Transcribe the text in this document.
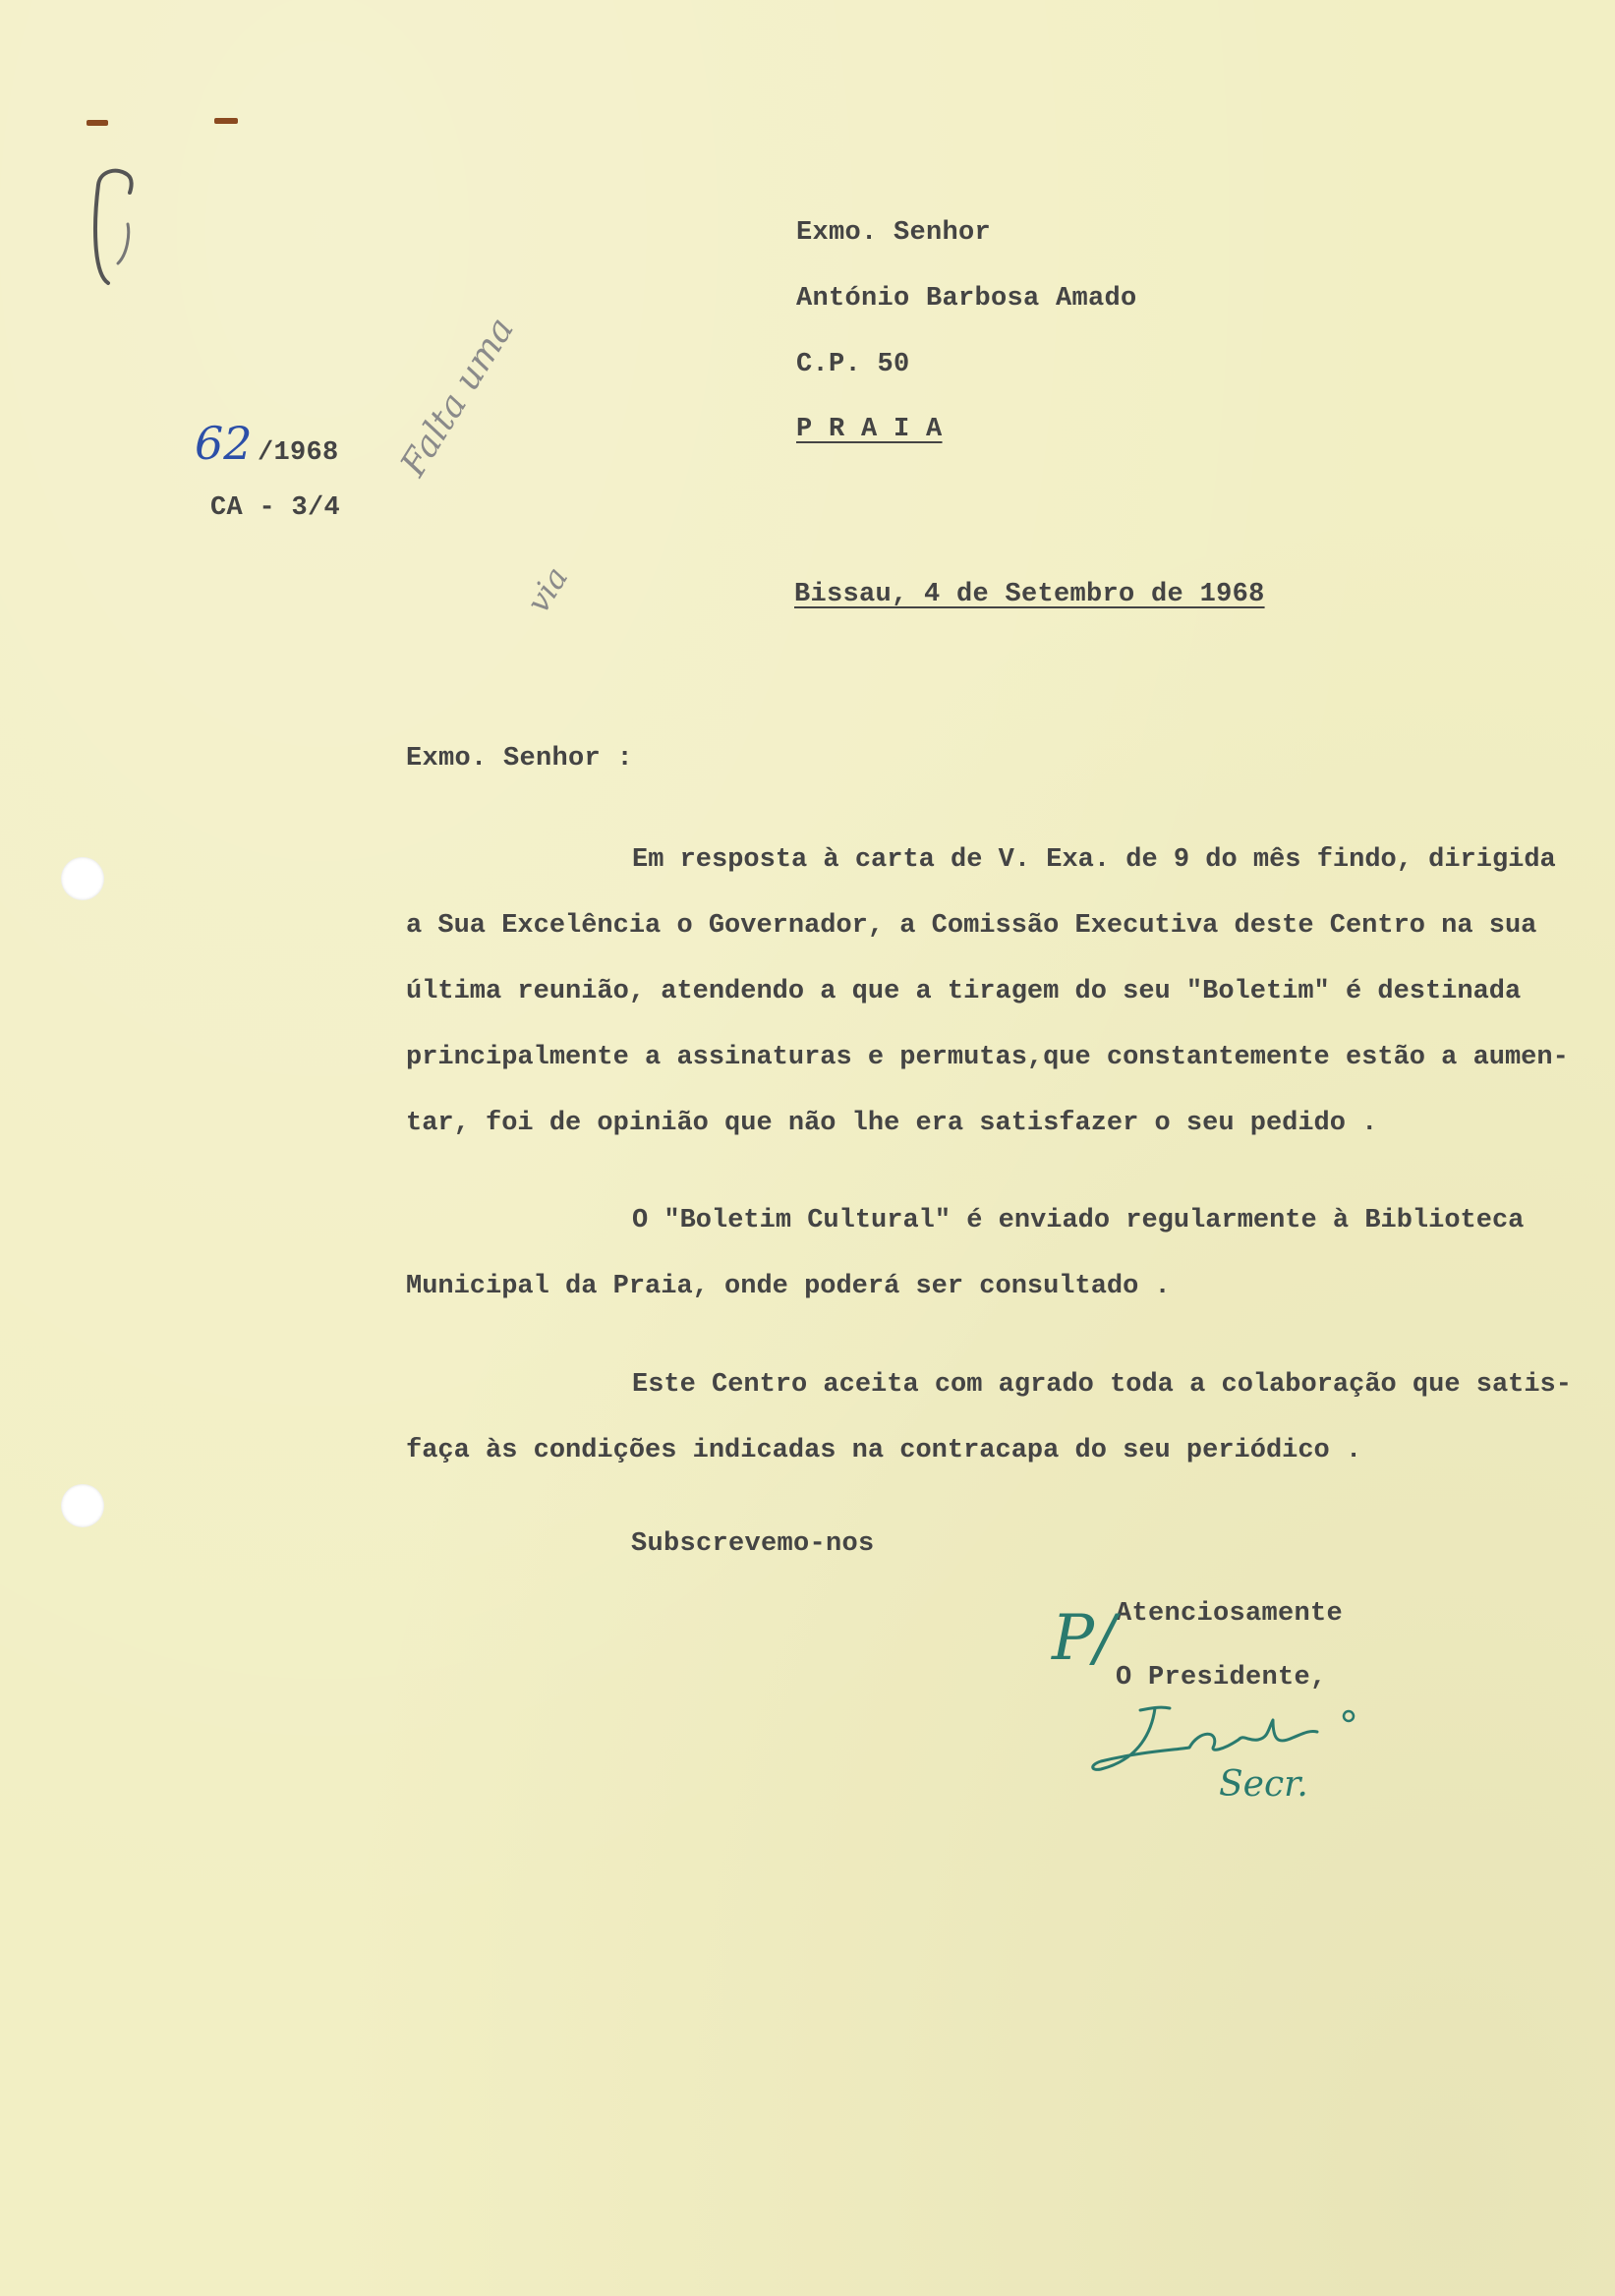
Exmo. Senhor
António Barbosa Amado
C.P. 50
P R A I A
62 /1968
CA - 3/4
Falta uma
via	Bissau, 4 de Setembro de 1968
Exmo. Senhor :
Em resposta à carta de V. Exa. de 9 do mês findo, dirigida
a Sua Excelência o Governador, a Comissão Executiva deste Centro na sua
última reunião, atendendo a que a tiragem do seu "Boletim" é destinada
principalmente a assinaturas e permutas,que constantemente estão a aumen-
tar, foi de opinião que não lhe era satisfazer o seu pedido .
O "Boletim Cultural" é enviado regularmente à Biblioteca
Municipal da Praia, onde poderá ser consultado .
Este Centro aceita com agrado toda a colaboração que satis-
faça às condições indicadas na contracapa do seu periódico .
Subscrevemo-nos
Atenciosamente
O Presidente,
P/
Secr.
